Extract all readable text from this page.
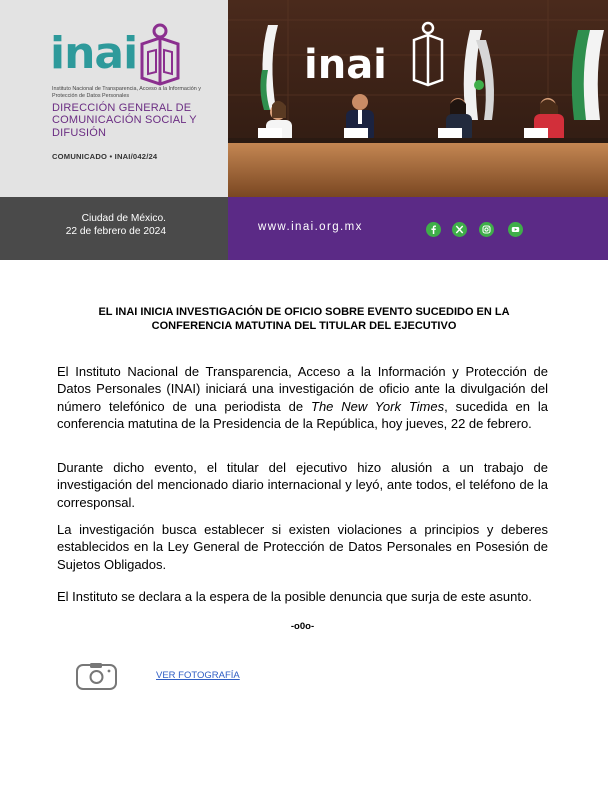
inai
Instituto Nacional de Transparencia, Acceso a la Información y Protección de Datos Personales
DIRECCIÓN GENERAL DE COMUNICACIÓN SOCIAL Y DIFUSIÓN
COMUNICADO • INAI/042/24
inai
Ciudad de México.
22 de febrero de 2024	www.inai.org.mx
EL INAI INICIA INVESTIGACIÓN DE OFICIO SOBRE EVENTO SUCEDIDO EN LA CONFERENCIA MATUTINA DEL TITULAR DEL EJECUTIVO

El Instituto Nacional de Transparencia, Acceso a la Información y Protección de Datos Personales (INAI) iniciará una investigación de oficio ante la divulgación del número telefónico de una periodista de The New York Times, sucedida en la conferencia matutina de la Presidencia de la República, hoy jueves, 22 de febrero.

Durante dicho evento, el titular del ejecutivo hizo alusión a un trabajo de investigación del mencionado diario internacional y leyó, ante todos, el teléfono de la corresponsal.

La investigación busca establecer si existen violaciones a principios y deberes establecidos en la Ley General de Protección de Datos Personales en Posesión de Sujetos Obligados.

El Instituto se declara a la espera de la posible denuncia que surja de este asunto.

-o0o-
VER FOTOGRAFÍA
